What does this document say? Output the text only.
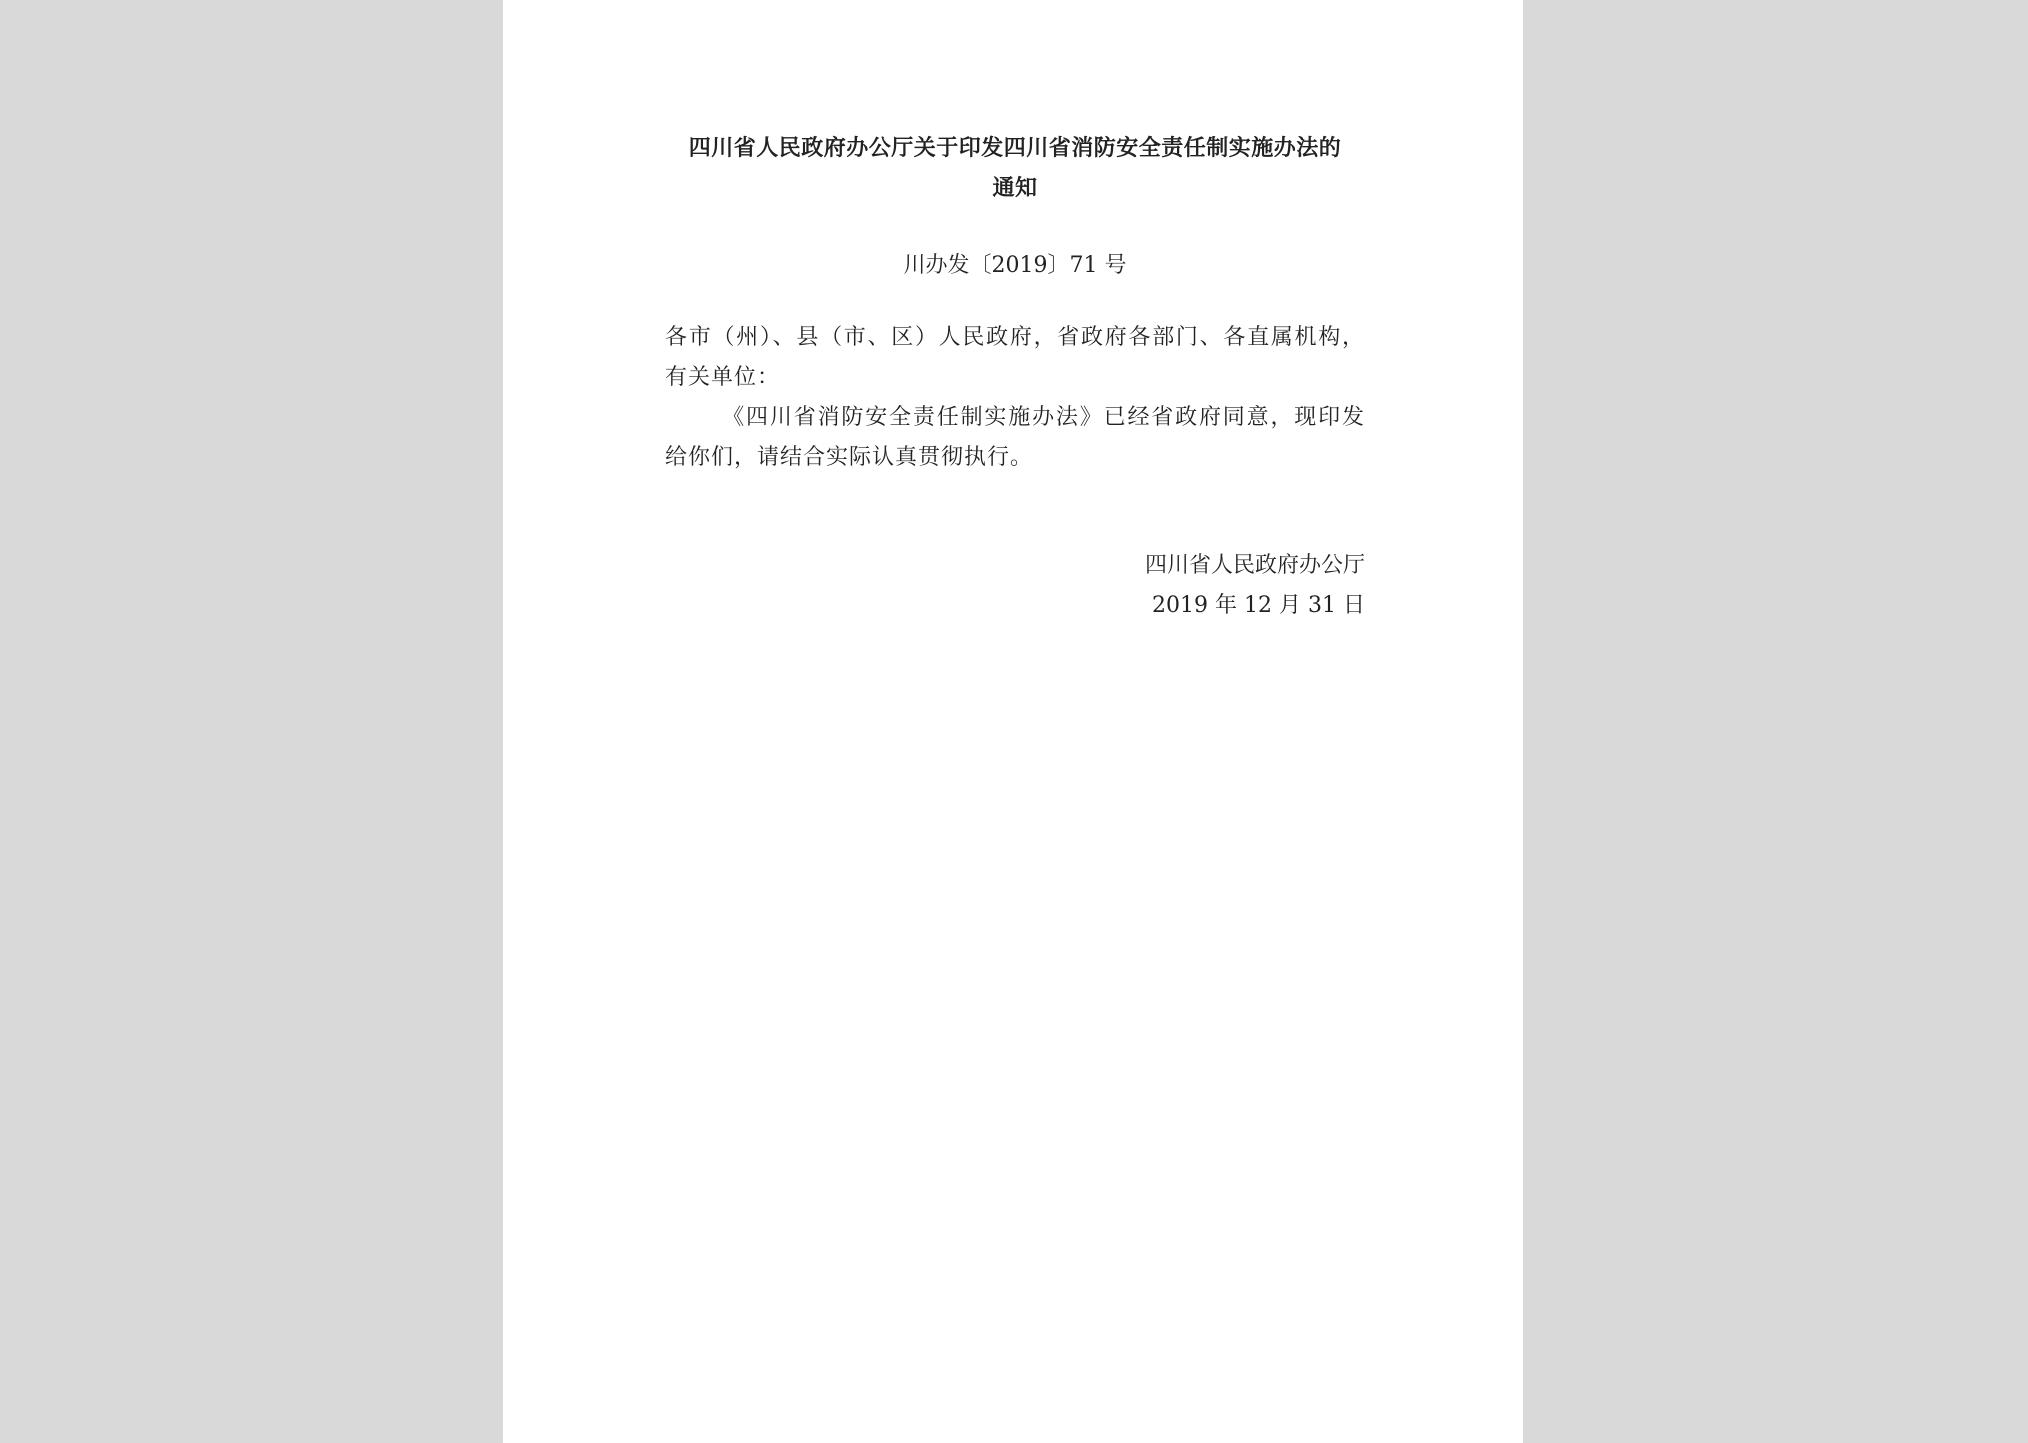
四川省人民政府办公厅关于印发四川省消防安全责任制实施办法的
通知

川办发〔2019〕71 号

各市（州）、县（市、区）人民政府，省政府各部门、各直属机构，有关单位：

《四川省消防安全责任制实施办法》已经省政府同意，现印发给你们，请结合实际认真贯彻执行。

四川省人民政府办公厅
2019 年 12 月 31 日
